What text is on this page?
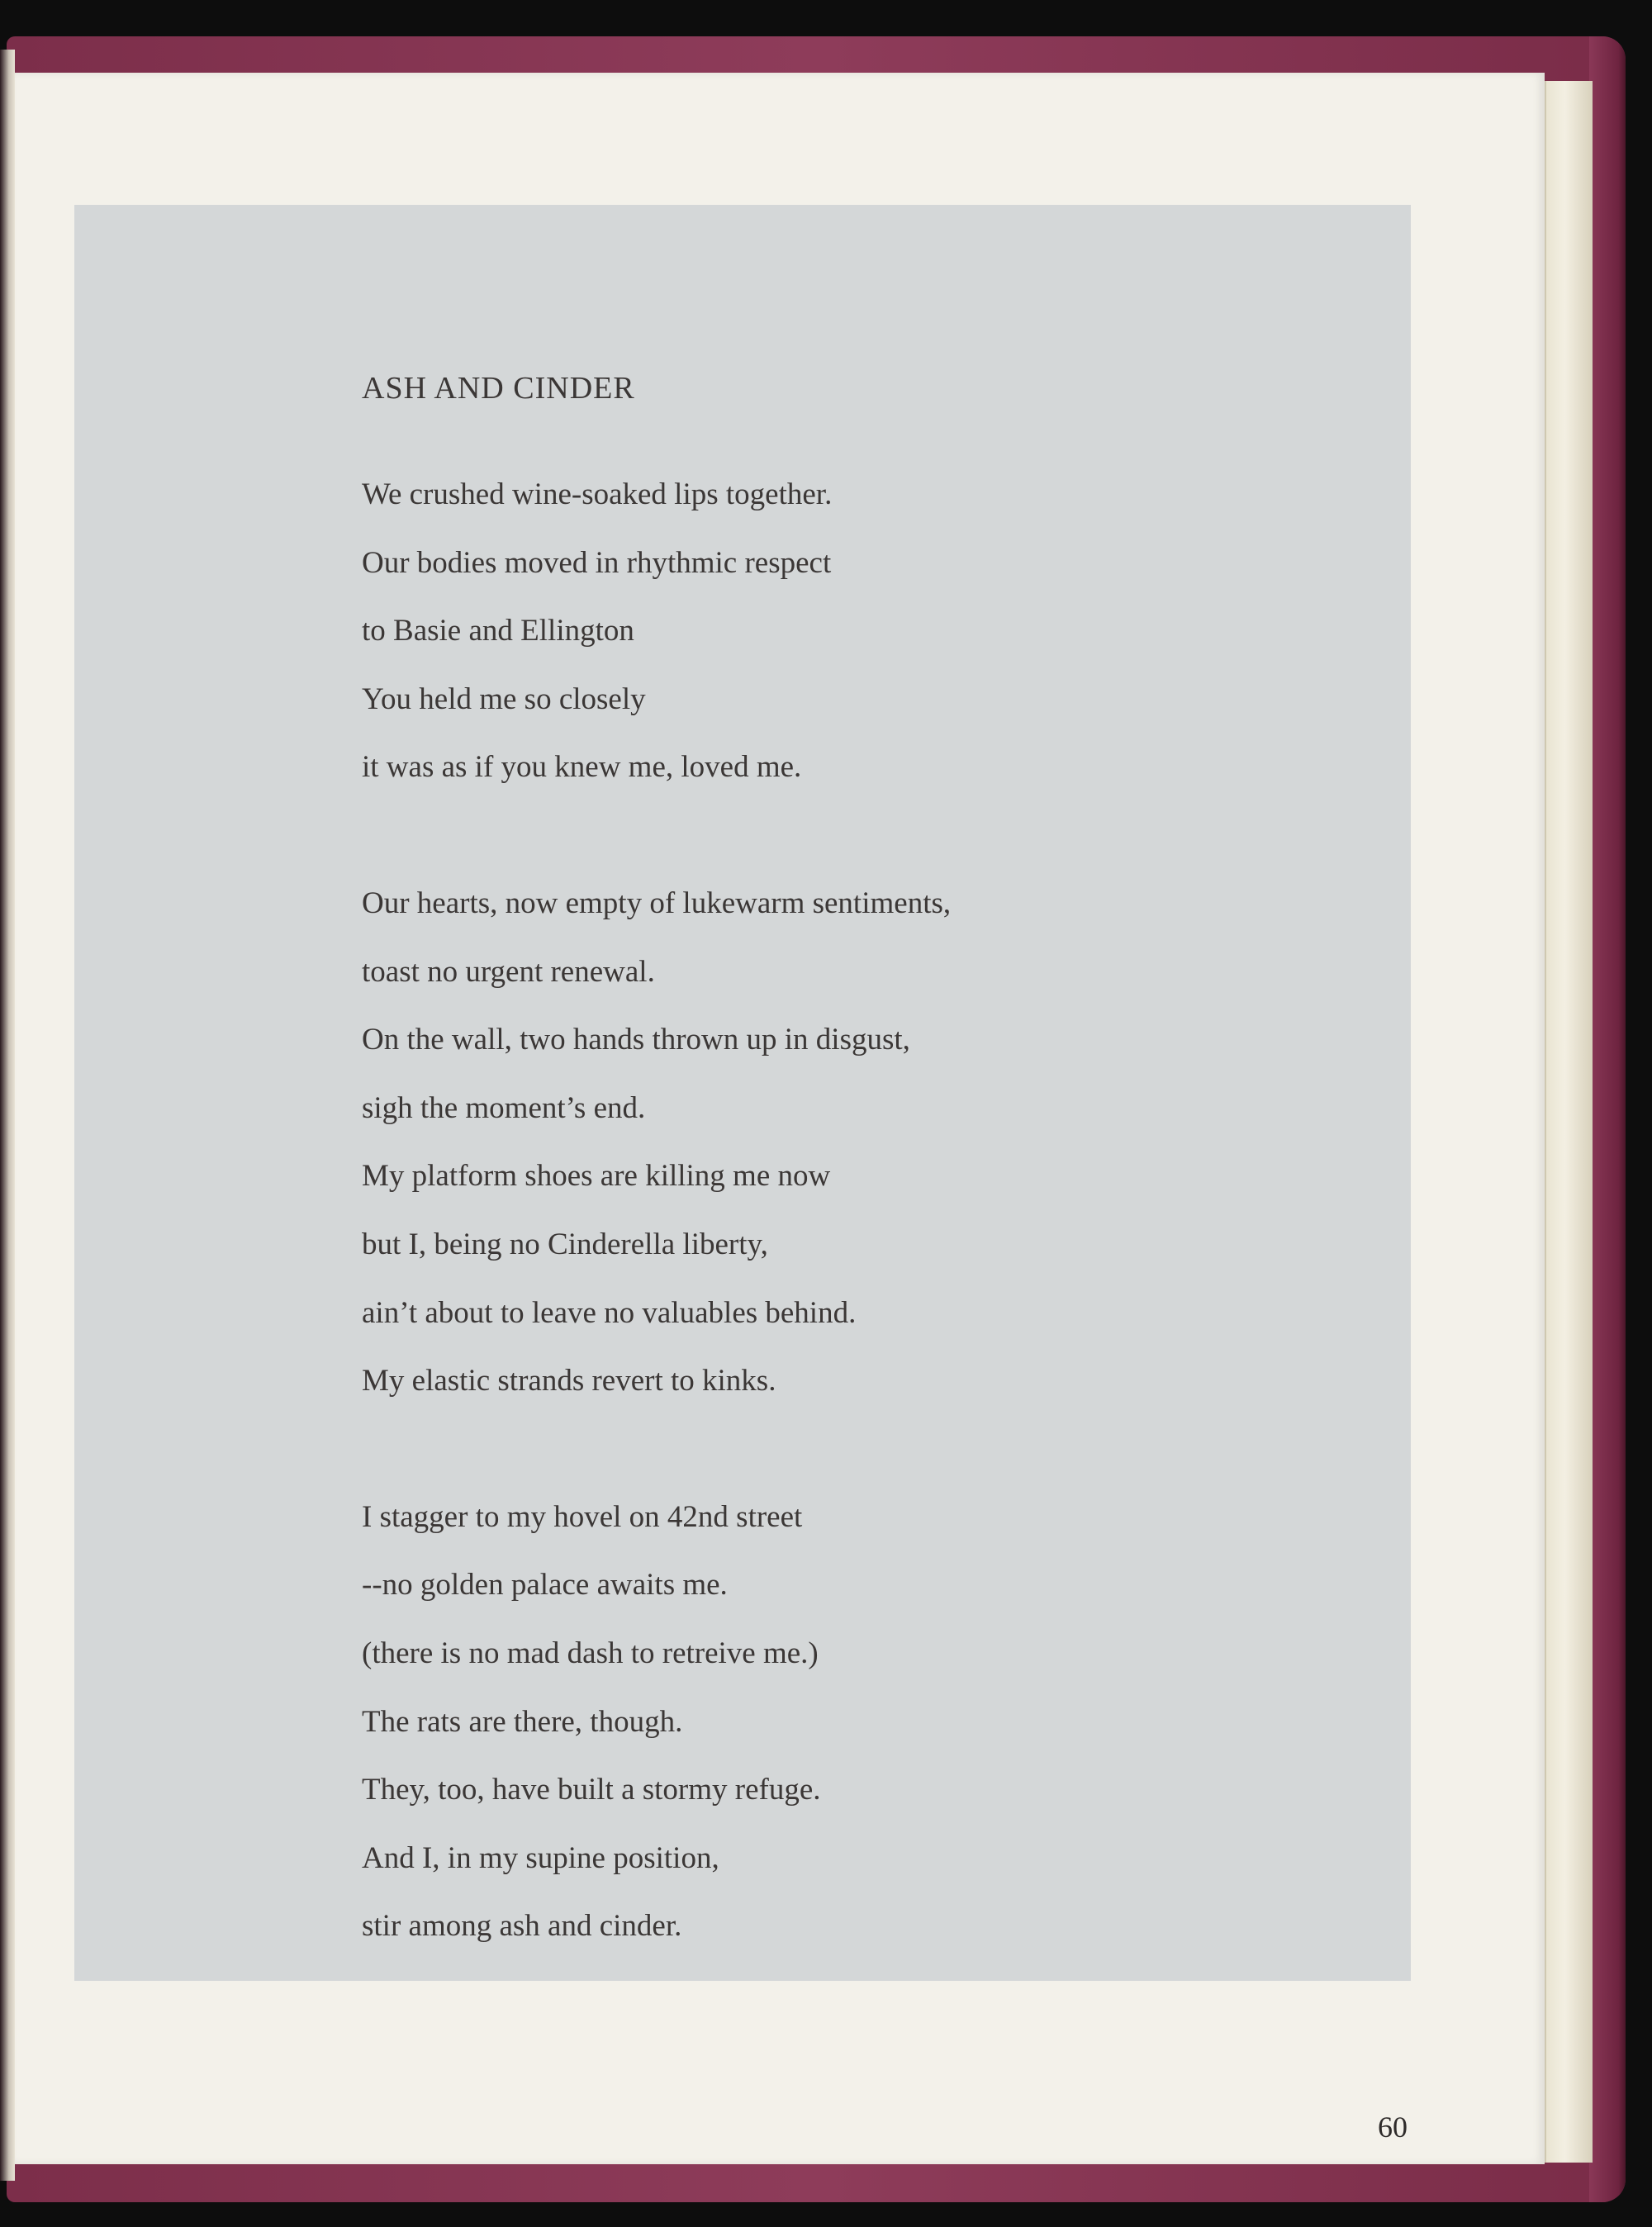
ASH AND CINDER
We crushed wine-soaked lips together.
Our bodies moved in rhythmic respect
to Basie and Ellington
You held me so closely
it was as if you knew me, loved me.
Our hearts, now empty of lukewarm sentiments,
toast no urgent renewal.
On the wall, two hands thrown up in disgust,
sigh the moment’s end.
My platform shoes are killing me now
but I, being no Cinderella liberty,
ain’t about to leave no valuables behind.
My elastic strands revert to kinks.
I stagger to my hovel on 42nd street
--no golden palace awaits me.
(there is no mad dash to retreive me.)
The rats are there, though.
They, too, have built a stormy refuge.
And I, in my supine position,
stir among ash and cinder.
60
